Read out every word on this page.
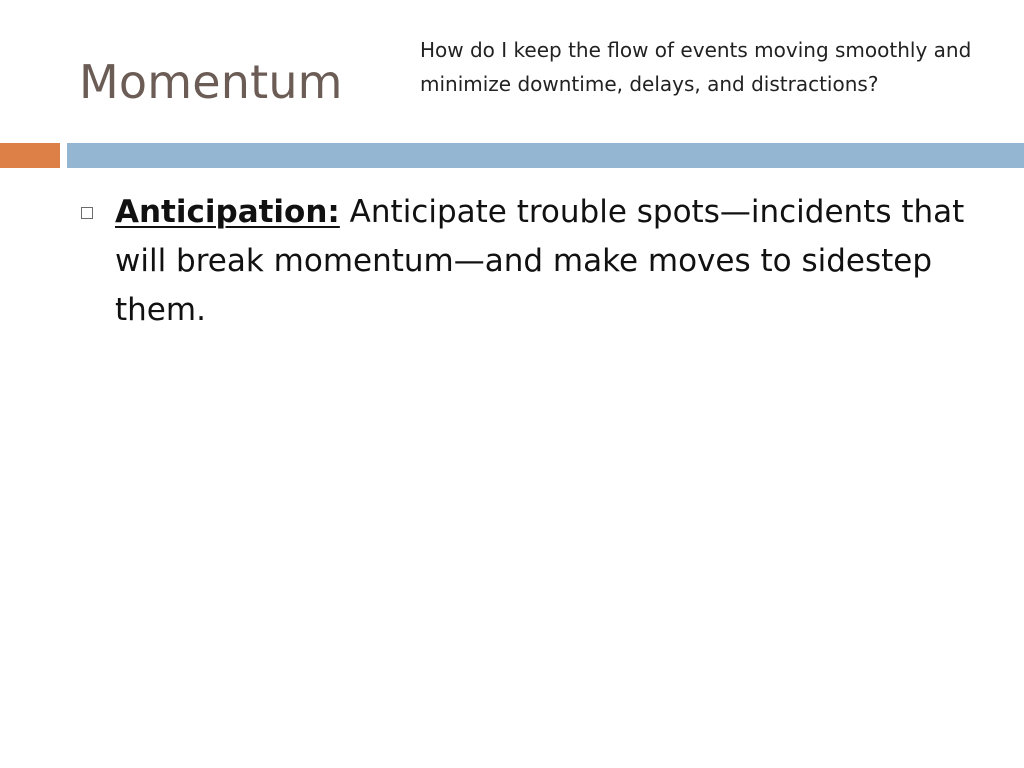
Momentum

How do I keep the flow of events moving smoothly and minimize downtime, delays, and distractions?

Anticipation: Anticipate trouble spots—incidents that will break momentum—and make moves to sidestep them.
